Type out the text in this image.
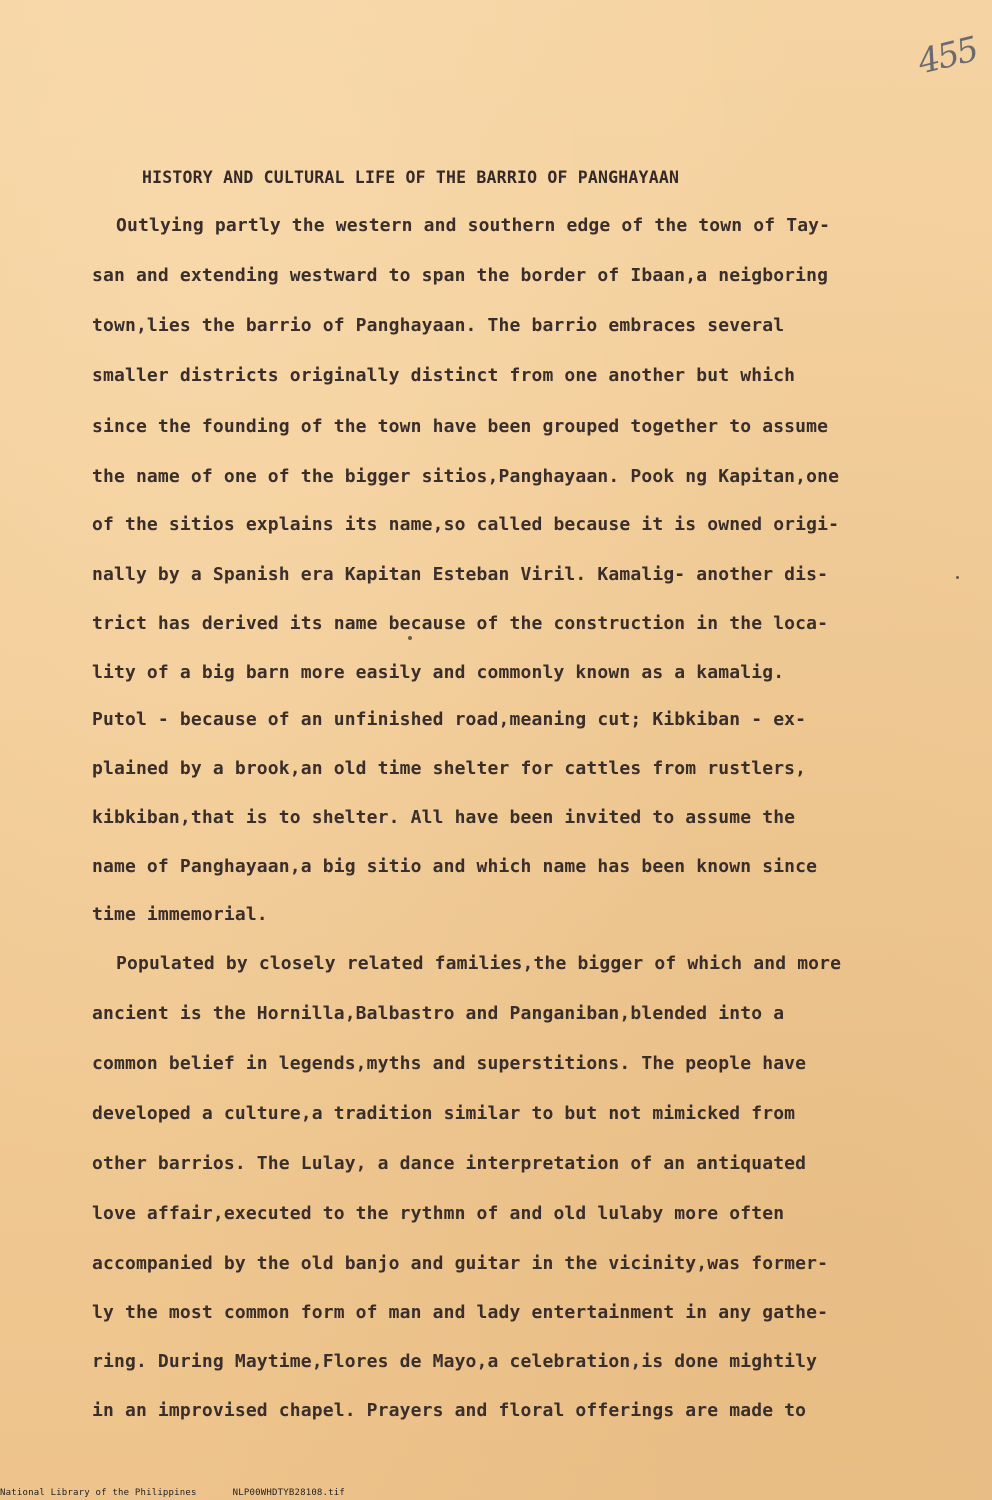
455
HISTORY AND CULTURAL LIFE OF THE BARRIO OF PANGHAYAAN
Outlying partly the western and southern edge of the town of Tay-
san and extending westward to span the border of Ibaan,a neigboring
town,lies the barrio of Panghayaan. The barrio embraces several
smaller districts originally distinct from one another but which
since the founding of the town have been grouped together to assume
the name of one of the bigger sitios,Panghayaan. Pook ng Kapitan,one
of the sitios explains its name,so called because it is owned origi-
nally by a Spanish era Kapitan Esteban Viril. Kamalig- another dis-
trict has derived its name because of the construction in the loca-
lity of a big barn more easily and commonly known as a kamalig.
Putol - because of an unfinished road,meaning cut; Kibkiban - ex-
plained by a brook,an old time shelter for cattles from rustlers,
kibkiban,that is to shelter. All have been invited to assume the
name of Panghayaan,a big sitio and which name has been known since
time immemorial.
Populated by closely related families,the bigger of which and more
ancient is the Hornilla,Balbastro and Panganiban,blended into a
common belief in legends,myths and superstitions. The people have
developed a culture,a tradition similar to but not mimicked from
other barrios. The Lulay, a dance interpretation of an antiquated
love affair,executed to the rythmn of and old lulaby more often
accompanied by the old banjo and guitar in the vicinity,was former-
ly the most common form of man and lady entertainment in any gathe-
ring. During Maytime,Flores de Mayo,a celebration,is done mightily
in an improvised chapel. Prayers and floral offerings are made to
National Library of the Philippines	NLP00WHDTYB28108.tif
